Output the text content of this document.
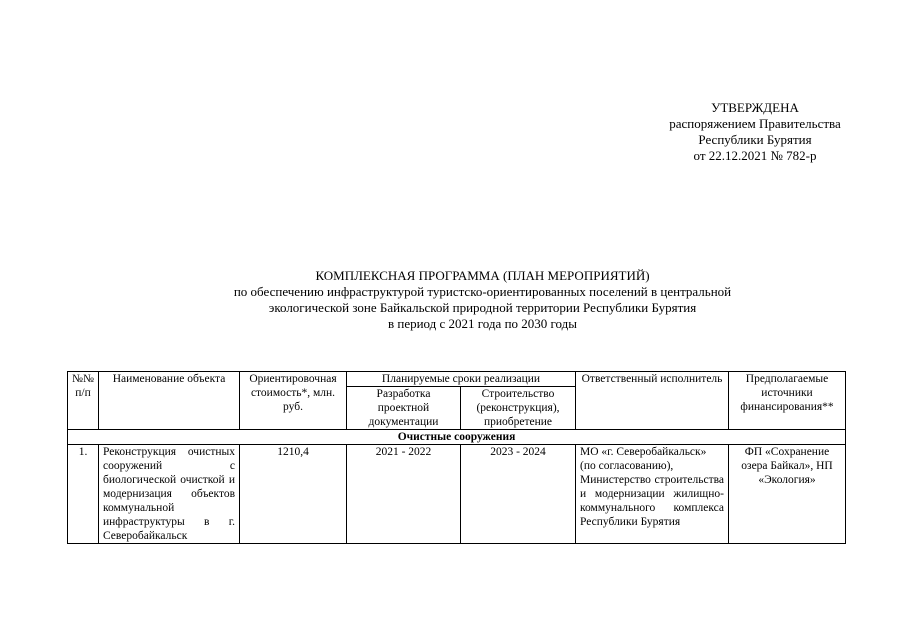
УТВЕРЖДЕНА
распоряжением Правительства
Республики Бурятия
от 22.12.2021 № 782-р
КОМПЛЕКСНАЯ ПРОГРАММА (ПЛАН МЕРОПРИЯТИЙ)
по обеспечению инфраструктурой туристско-ориентированных поселений в центральной
экологической зоне Байкальской природной территории Республики Бурятия
в период с 2021 года по 2030 годы
№№ п/п	Наименование объекта	Ориентировочная стоимость*, млн. руб.	Планируемые сроки реализации		Ответственный исполнитель	Предполагаемые источники финансирования**
			Разработка проектной документации	Строительство (реконструкция), приобретение		
Очистные сооружения						
1.	Реконструкция очистных сооружений с биологической очисткой и модернизация объектов коммунальной инфраструктуры в г. Северобайкальск	1210,4	2021 - 2022	2023 - 2024	МО «г. Северобайкальск»
(по согласованию),
Министерство строительства и модернизации жилищно-коммунального комплекса Республики Бурятия	ФП «Сохранение озера Байкал», НП «Экология»
